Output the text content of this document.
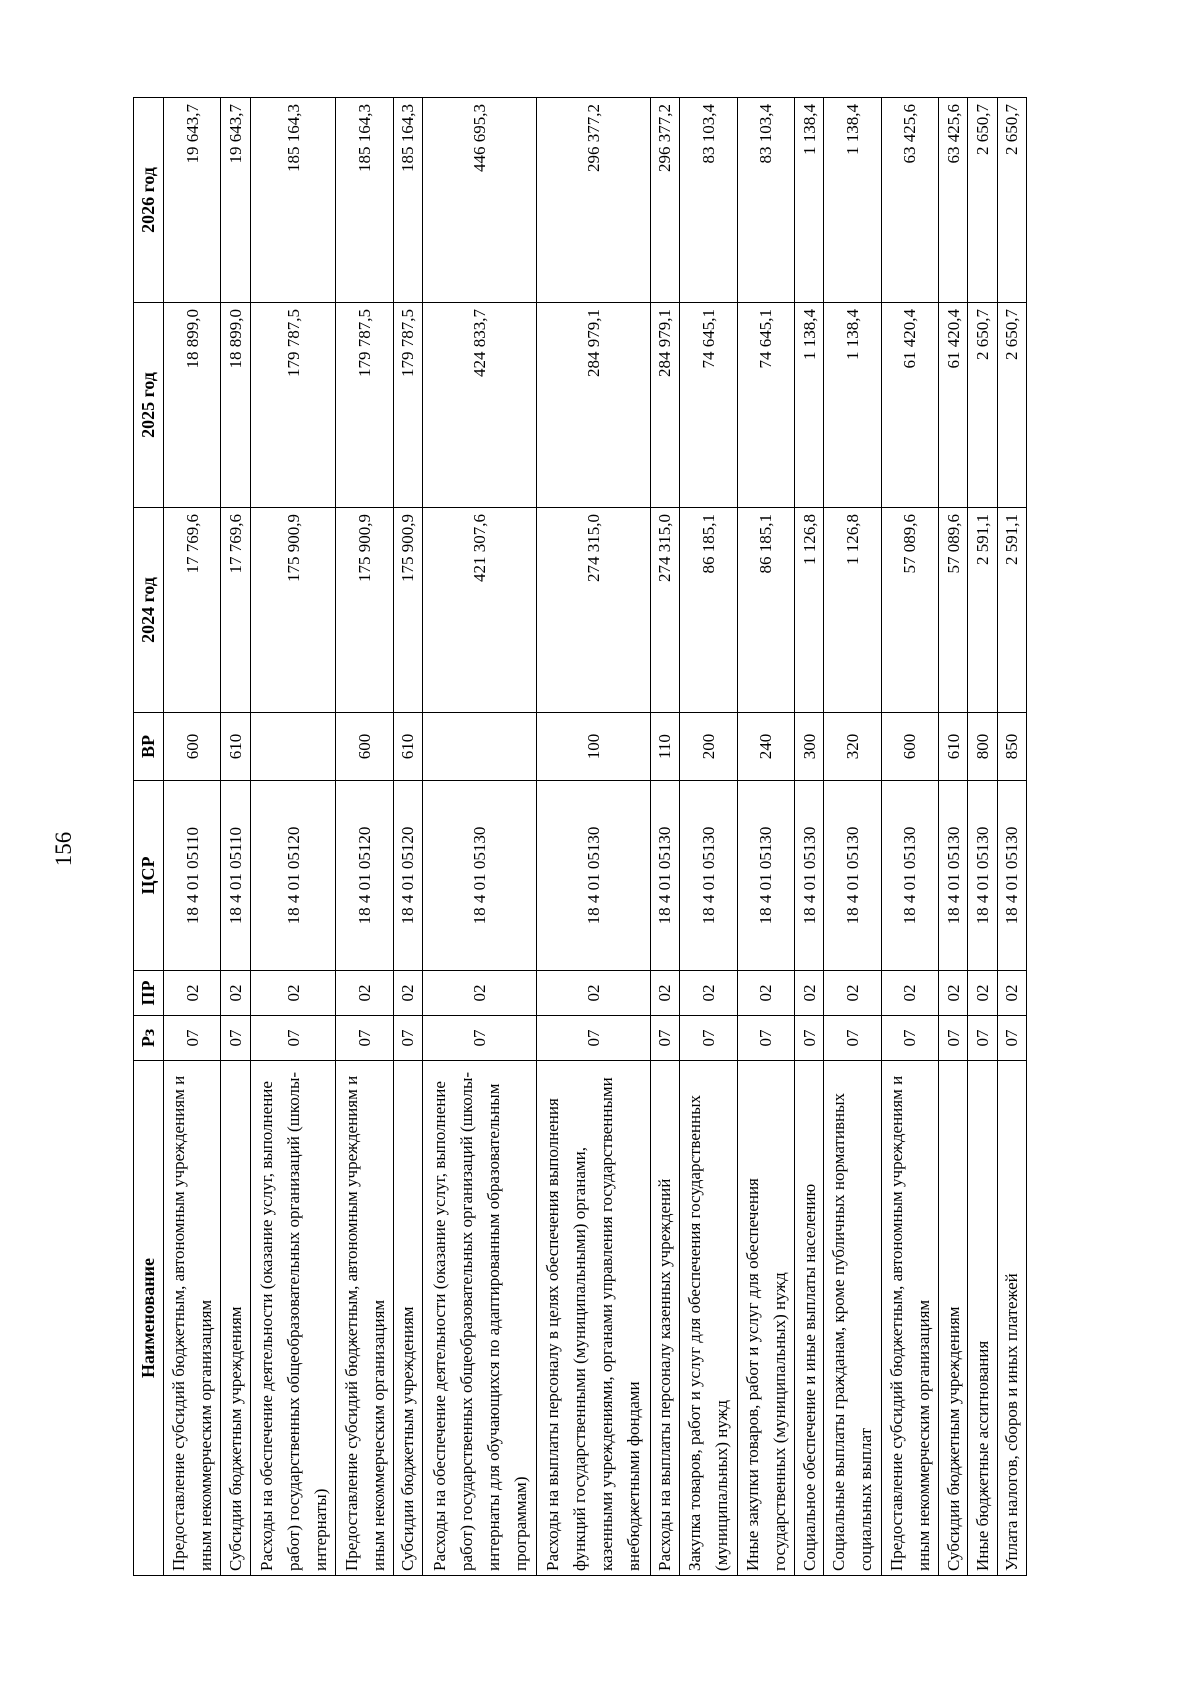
156
Наименование	Рз	ПР	ЦСР	ВР	2024 год	2025 год	2026 год
Предоставление субсидий бюджетным, автономным учреждениям и иным некоммерческим организациям	07	02	18 4 01 05110	600	17 769,6	18 899,0	19 643,7
Субсидии бюджетным учреждениям	07	02	18 4 01 05110	610	17 769,6	18 899,0	19 643,7
Расходы на обеспечение деятельности (оказание услуг, выполнение работ) государственных общеобразовательных организаций (школы-интернаты)	07	02	18 4 01 05120		175 900,9	179 787,5	185 164,3
Предоставление субсидий бюджетным, автономным учреждениям и иным некоммерческим организациям	07	02	18 4 01 05120	600	175 900,9	179 787,5	185 164,3
Субсидии бюджетным учреждениям	07	02	18 4 01 05120	610	175 900,9	179 787,5	185 164,3
Расходы на обеспечение деятельности (оказание услуг, выполнение работ) государственных общеобразовательных организаций (школы-интернаты для обучающихся по адаптированным образовательным программам)	07	02	18 4 01 05130		421 307,6	424 833,7	446 695,3
Расходы на выплаты персоналу в целях обеспечения выполнения функций государственными (муниципальными) органами, казенными учреждениями, органами управления государственными внебюджетными фондами	07	02	18 4 01 05130	100	274 315,0	284 979,1	296 377,2
Расходы на выплаты персоналу казенных учреждений	07	02	18 4 01 05130	110	274 315,0	284 979,1	296 377,2
Закупка товаров, работ и услуг для обеспечения государственных (муниципальных) нужд	07	02	18 4 01 05130	200	86 185,1	74 645,1	83 103,4
Иные закупки товаров, работ и услуг для обеспечения государственных (муниципальных) нужд	07	02	18 4 01 05130	240	86 185,1	74 645,1	83 103,4
Социальное обеспечение и иные выплаты населению	07	02	18 4 01 05130	300	1 126,8	1 138,4	1 138,4
Социальные выплаты гражданам, кроме публичных нормативных социальных выплат	07	02	18 4 01 05130	320	1 126,8	1 138,4	1 138,4
Предоставление субсидий бюджетным, автономным учреждениям и иным некоммерческим организациям	07	02	18 4 01 05130	600	57 089,6	61 420,4	63 425,6
Субсидии бюджетным учреждениям	07	02	18 4 01 05130	610	57 089,6	61 420,4	63 425,6
Иные бюджетные ассигнования	07	02	18 4 01 05130	800	2 591,1	2 650,7	2 650,7
Уплата налогов, сборов и иных платежей	07	02	18 4 01 05130	850	2 591,1	2 650,7	2 650,7
